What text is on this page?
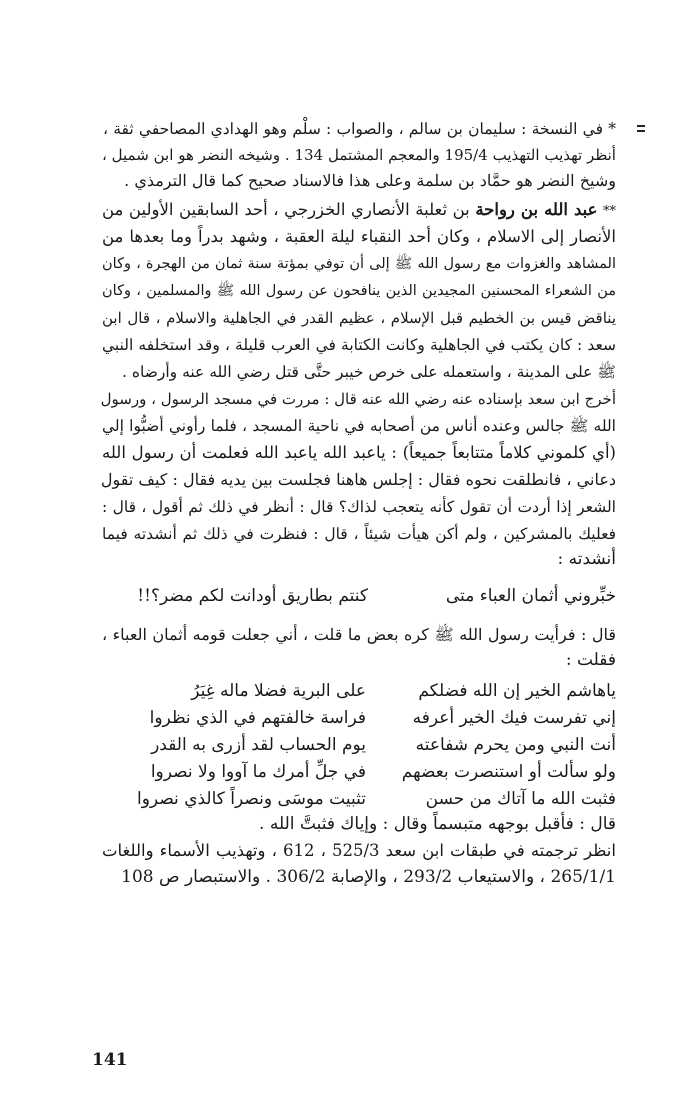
* في النسخة : سليمان بن سالم ، والصواب : سلْم وهو الهدادي المصاحفي ثقة ،
أنظر تهذيب التهذيب 195/4 والمعجم المشتمل 134 . وشيخه النضر هو ابن شميل ،
وشيخ النضر هو حمَّاد بن سلمة وعلى هذا فالاسناد صحيح كما قال الترمذي .
** عبد الله بن رواحة بن ثعلبة الأنصاري الخزرجي ، أحد السابقين الأولين من
الأنصار إلى الاسلام ، وكان أحد النقباء ليلة العقبة ، وشهد بدراً وما بعدها من
المشاهد والغزوات مع رسول الله ﷺ إلى أن توفي بمؤتة سنة ثمان من الهجرة ، وكان
من الشعراء المحسنين المجيدين الذين ينافحون عن رسول الله ﷺ والمسلمين ، وكان
يناقض قيس بن الخطيم قبل الإسلام ، عظيم القدر في الجاهلية والاسلام ، قال ابن
سعد : كان يكتب في الجاهلية وكانت الكتابة في العرب قليلة ، وقد استخلفه النبي
ﷺ على المدينة ، واستعمله على خرص خيبر حتَّى قتل رضي الله عنه وأرضاه .
أخرج ابن سعد بإسناده عنه رضي الله عنه قال : مررت في مسجد الرسول ، ورسول
الله ﷺ جالس وعنده أناس من أصحابه في ناحية المسجد ، فلما رأوني أضبُّوا إلي
(أي كلموني كلاماً متتابعاً جميعاً) : ياعبد الله ياعبد الله فعلمت أن رسول الله
دعاني ، فانطلقت نحوه فقال : إجلس هاهنا فجلست بين يديه فقال : كيف تقول
الشعر إذا أردت أن تقول كأنه يتعجب لذاك؟ قال : أنظر في ذلك ثم أقول ، قال :
فعليك بالمشركين ، ولم أكن هيأت شيئاً ، قال : فنظرت في ذلك ثم أنشدته فيما
أنشدته :
خبِّروني أثمان العباء متى
كنتم بطاريق أودانت لكم مضر؟!!
قال : فرأيت رسول الله ﷺ كره بعض ما قلت ، أني جعلت قومه أثمان العباء ،
فقلت :
ياهاشم الخير إن الله فضلكم
على البرية فضلا ماله غِيَرُ
إني تفرست فيك الخير أعرفه
فراسة خالفتهم في الذي نظروا
أنت النبي ومن يحرم شفاعته
يوم الحساب لقد أزرى به القدر
ولو سألت أو استنصرت بعضهم
في جلِّ أمرك ما آووا ولا نصروا
فثبت الله ما آتاك من حسن
تثبيت موسَى ونصراً كالذي نصروا
قال : فأقبل بوجهه متبسماً وقال : وإياك فثبتَّ الله .
انظر ترجمته في طبقات ابن سعد 525/3 ، 612 ، وتهذيب الأسماء واللغات
265/1/1 ، والاستيعاب 293/2 ، والإصابة 306/2 . والاستبصار ص 108
141
